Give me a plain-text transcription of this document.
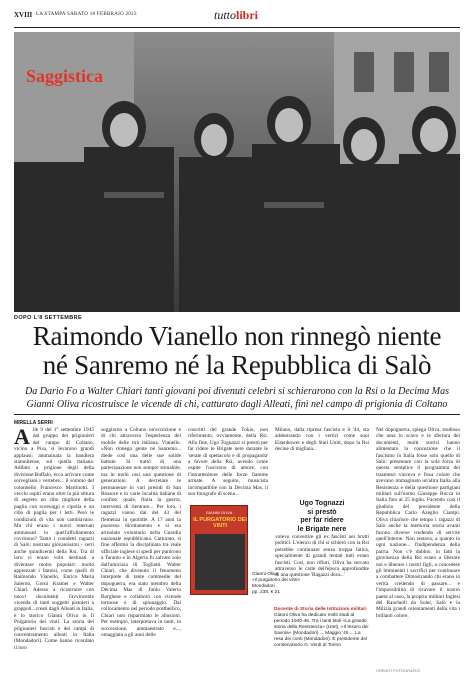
XVIII LA STAMPA SABATO 18 FEBBRAIO 2023	tuttolibri
Saggistica
DOPO L'8 SETTEMBRE
Raimondo Vianello non rinnegò niente
né Sanremo né la Repubblica di Salò
Da Dario Fo a Walter Chiari tanti giovani poi divenuti celebri si schierarono con la Rsi o la Decima Mas
Gianni Oliva ricostruisce le vicende di chi, catturato dagli Alleati, finì nel campo di prigionia di Coltano
MIRELLA SERRI
Alle 9 del 1° settembre 1945 dal gruppo dei prigionieri del campo di Coltano, vicino a Pisa, si levarono grandi applausi: ammainata la bandiera statunitense, sul quella italiana. Adibito a prigione degli della divisione Buffalo, ecco arrivare come sorvegliani i vertebre... il sommo del colonnello Francesco Martinotti. I vecchi ospiti erano oltre la più stitura di segreto un cibo migliore della paglia con scorsoggi e cipolla e un cibo di paglia per i letti. Però le condizioni di vita non cambiavano. Ma chi erano i nuovi internati ammassati in quell'affollamento covrirono? Tanto i conidetti ragazzi di Salò: nostrani giovanissimi - certi anche quindicenni della Rsi. Tra di loro vi erano volti destinati a diventare molto popolari: molto apprezzati i famosi, come quelli di Raimondo Vianello, Enrico Maria Salerno, Gorni Kramer e Walter Chiari. Adesso a ricostruire con nuovi documenti l'avvincente vicenda di tanti soggetti pistoleri a grappoli...creati dagli Alleati in Italia, è lo storico Gianni Oliva in Il Purgatorio dei vinti. La storia dei prigionieri fascisti e dei campi di concentramento alleati in Italia (Mondadori). Come hanno ricordato il loro
soggiorno a Coltano un'eccezione e di chi attraversò l'esperienza del mobile delle tirà italiana, Vianello. «Non rinnego gente né Sanremo... diede così una delle sue solide battute. Si trattò di una partecipazione non sempre stimabile, ma in molti casi una questione di generazioni. A decretare le permanenze in vari presidi di San Rossore e in varie località italiane di confine: quale, finita la guerra, interventi di rientrare... Per loro, i ragazzi vanno dai del 43 del flemenza in quotidie. A 17 anni la possesso dirottamento e si era arruolato volontario nella Guardia nazionale repubblicana. Catturato, si fine affermò la disciplinata tra reale ufficiale inglese si spedì per punirono a Taranto e in Algeria fu salvato solo dall'amicizia di Togliatti. Walter Chiari, che divenuto il fenomeno interprete di tante commedie del dopoguerra, era stato membro della Decima Mas di Junio Valerio Borghese e collaborò con vicende tortuose e di spionaggio. Dal collocamento nel periodo postbellico, Chiari non risparmiato le allusioni. Per esempio, interpretava in tanti, in successione, ammaestrato e..., omaggiata a gli anni delle
coscritti del grande Tokio, non riferimento, ovviamente, della Rsi. Alla fine, Ugo Tognazzi si prestò per far ridere le Brigate nere durante le 'serate di spettacolo e di propaganda' a favore della Rsi, avendo come ospite l'uscirono di amore, con l'intrattenitore delle forze fiamme armate. A seguire, musicista incompatibile con la Decima Mas, il suo fotografo di scena...
GIANNI OLIVA
IL PURGATORIO DEI VINTI
Gianni Oliva
«Il purgatorio dei vinti»
Mondadori
pp. 238, € 21
Milano, dalla ripresa fascista e il '44, sta addestrando con i vertici come suoi Eisenhower e degli Stati Uniti, dopo la Rsi decine di migliaia...
Ugo Tognazzi
si prestò
per far ridere
le Brigate nere
volevo convertire gli ex fascisti nei brutti politici. L'elenco di chi si schierò con la Rsi potrebbe continuare senza troppa fatica, specialmente di grandi tentati tutti erano fascisti. Così, non rifiuti, Oliva ha cercato attraverso le carte dell'epoca approfondite di una questione 'Ragazzi dura...'
Docente di Storia delle Istituzioni militari
Gianni Oliva ha dedicato molti studi al periodo 1940-45. Tra i tanti titoli «La grande storia della Resistenza» (Utet), «Il tesoro dei Savoia» (Mondadori) ... Maggio '45 ... La resa dei conti (Mondadori). È presidente del conservatorio G. Verdi di Torino
Nel dopoguerra, spiega Oliva, studioso che ama lo scavo e le sfertura dei documenti, molti storici hanno alimentato la concezione che il fascismo in Italia fosse solo quello di Salò: presentare con la sola forza di questa semplice il programma dei trasmessi vinceva e fissa colore che avevano immaginato un'altra Italia alla Resistenza e della questione partigiani militari sull'uomo Giuseppe Rocca in Italia fino al 25 luglio. Facendo così il giudizio del presidente della Repubblica Carlo Azeglio Ciampi. Oliva chiarisce che tempo i ragazzi di Salò anche la memoria storia avanti furono diverse credendo di servire quell'interne. Non restava, a quanto in ogni nazione... l'indipendenza della patria. Non c'è dubbio. in fatti la giovinezza della Rsi erano a liberare noi e liberare i nostri figli, a concedere gli imminenti i sacrifici per continuare a combattere Dimostrando chi erano in verità credendo di passare... e l'impossibilità di ricavare il nostro paese al caso, la proprio militari Inglesi del Rauchelli da Soler, Salò e la Milizia grandi orientamenti della vita i brillanti colore.
CREDITI FOTOGRAFICI
